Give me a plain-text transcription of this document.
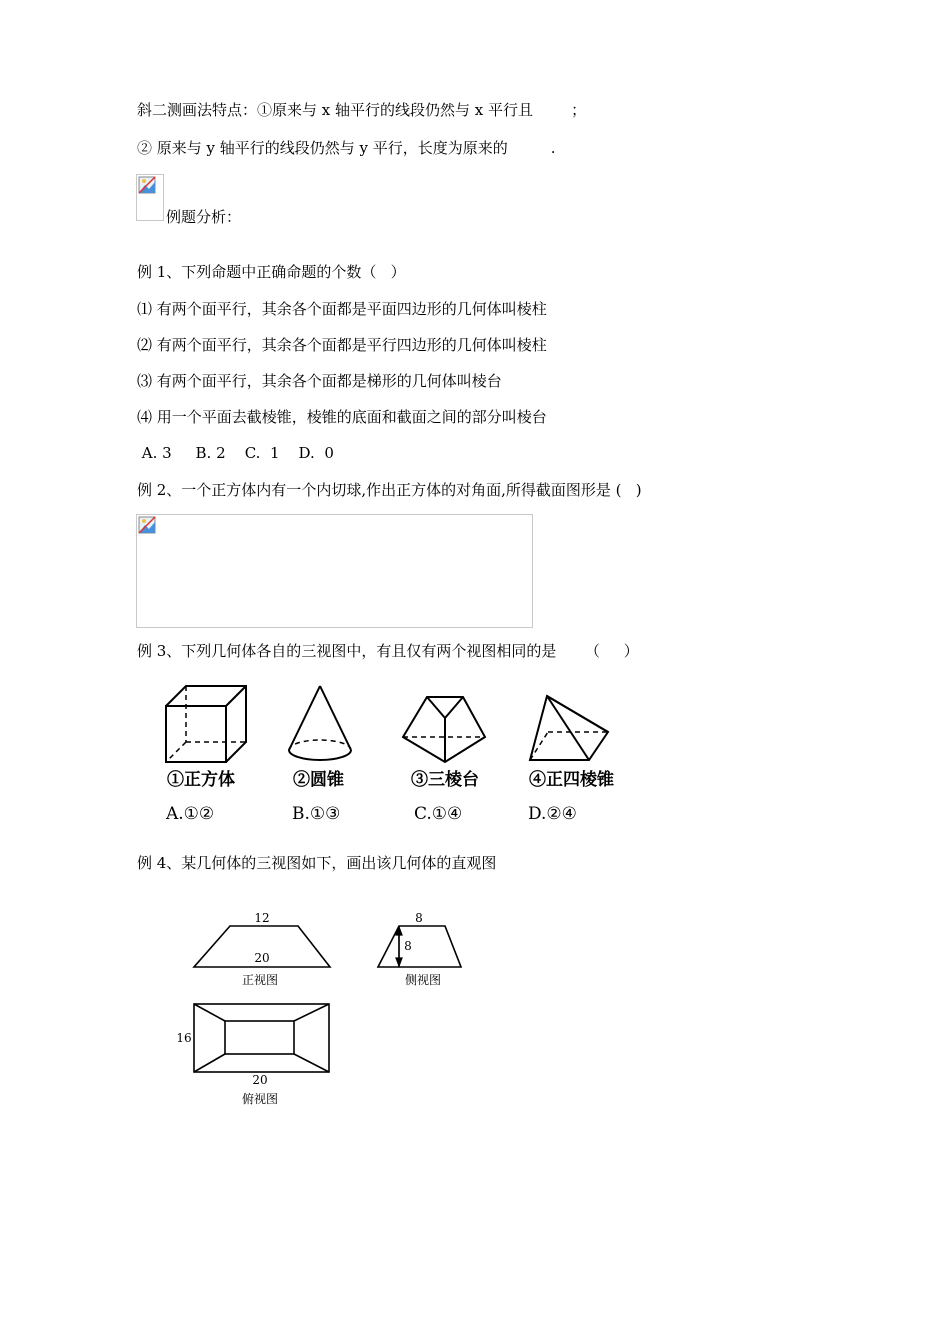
斜二测画法特点：①原来与 x 轴平行的线段仍然与 x 平行且        ；
② 原来与 y 轴平行的线段仍然与 y 平行，长度为原来的         .
例题分析：
例 1、下列命题中正确命题的个数（   ）
⑴ 有两个面平行，其余各个面都是平面四边形的几何体叫棱柱
⑵ 有两个面平行，其余各个面都是平行四边形的几何体叫棱柱
⑶ 有两个面平行，其余各个面都是梯形的几何体叫棱台
⑷ 用一个平面去截棱锥，棱锥的底面和截面之间的部分叫棱台
A. 3     B. 2    C.  1    D.  0
例 2、一个正方体内有一个内切球,作出正方体的对角面,所得截面图形是 (   )
例 3、下列几何体各自的三视图中，有且仅有两个视图相同的是      （     ）
①正方体	②圆锥	③三棱台	④正四棱锥
A.①②	B.①③	C.①④	D.②④
例 4、某几何体的三视图如下，画出该几何体的直观图
12
20
正视图
8
8
侧视图
16
20
俯视图
